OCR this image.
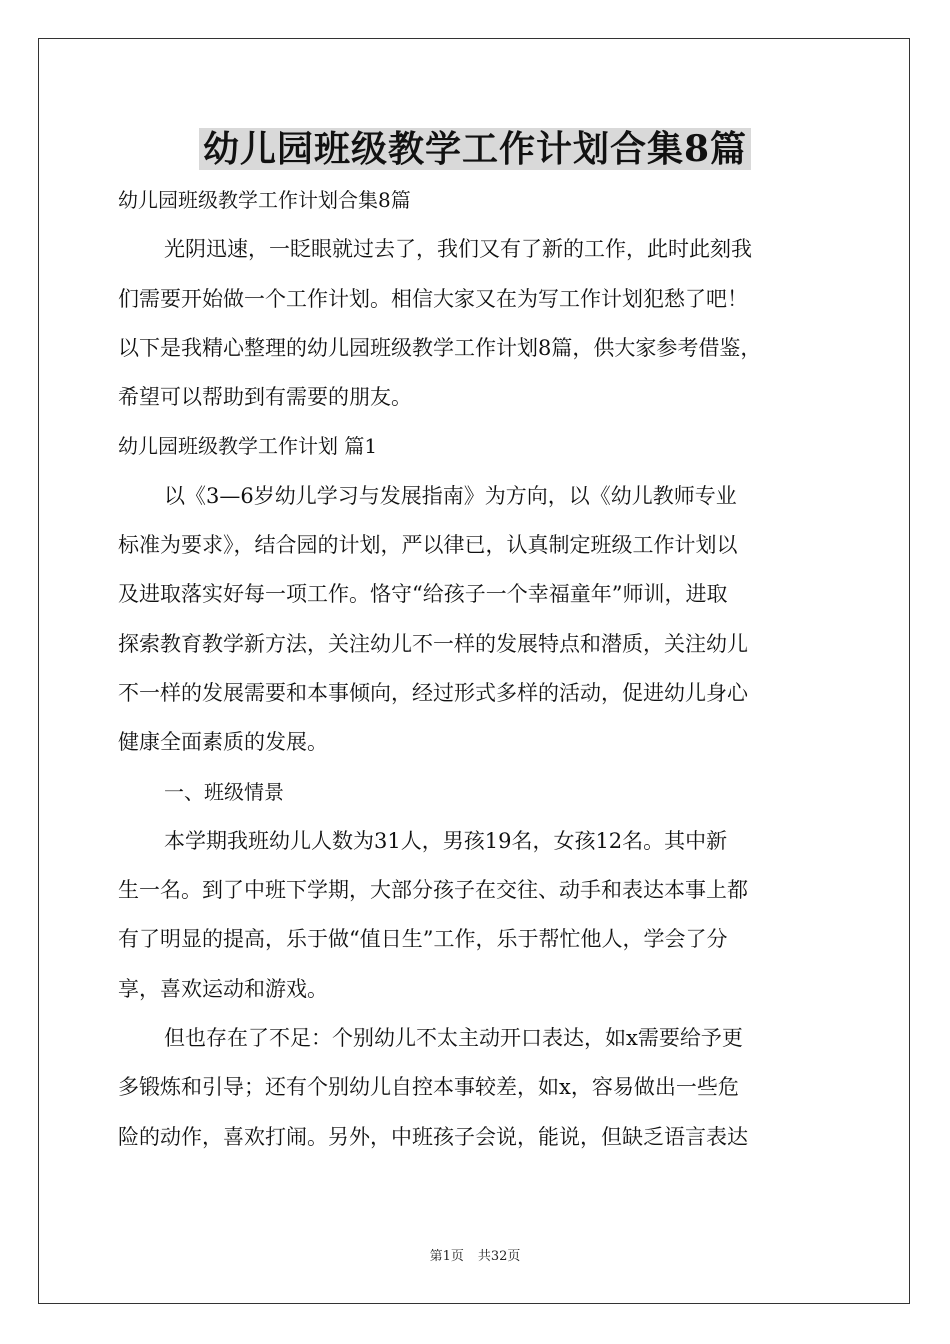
幼儿园班级教学工作计划合集8篇
幼儿园班级教学工作计划合集8篇
光阴迅速，一眨眼就过去了，我们又有了新的工作，此时此刻我
们需要开始做一个工作计划。相信大家又在为写工作计划犯愁了吧！
以下是我精心整理的幼儿园班级教学工作计划8篇，供大家参考借鉴，
希望可以帮助到有需要的朋友。
幼儿园班级教学工作计划 篇1
以《3—6岁幼儿学习与发展指南》为方向，以《幼儿教师专业
标准为要求》，结合园的计划，严以律已，认真制定班级工作计划以
及进取落实好每一项工作。恪守“给孩子一个幸福童年”师训，进取
探索教育教学新方法，关注幼儿不一样的发展特点和潜质，关注幼儿
不一样的发展需要和本事倾向，经过形式多样的活动，促进幼儿身心
健康全面素质的发展。
一、班级情景
本学期我班幼儿人数为31人，男孩19名，女孩12名。其中新
生一名。到了中班下学期，大部分孩子在交往、动手和表达本事上都
有了明显的提高，乐于做“值日生”工作，乐于帮忙他人，学会了分
享，喜欢运动和游戏。
但也存在了不足：个别幼儿不太主动开口表达，如x需要给予更
多锻炼和引导；还有个别幼儿自控本事较差，如x，容易做出一些危
险的动作，喜欢打闹。另外，中班孩子会说，能说，但缺乏语言表达
第1页 共32页
